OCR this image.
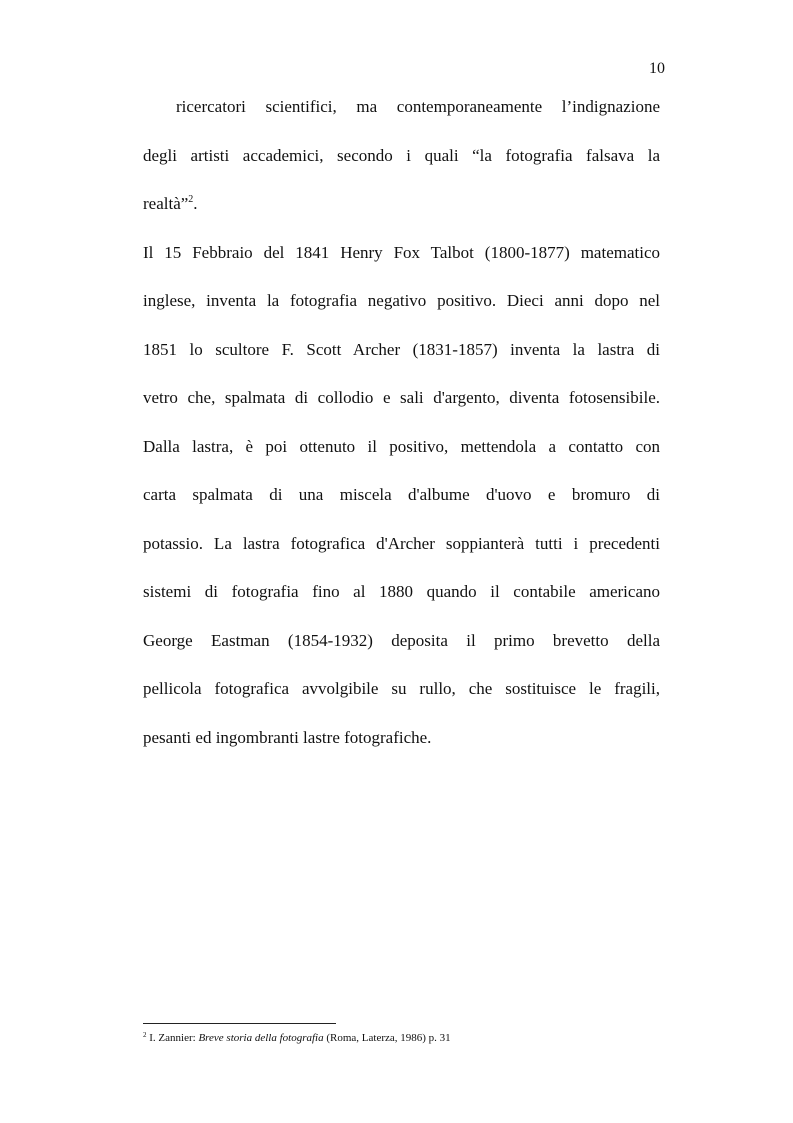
10
ricercatori scientifici, ma contemporaneamente l’indignazione
degli artisti accademici, secondo i quali “la fotografia falsava la
realtà”$^2$.
Il 15 Febbraio del 1841 Henry Fox Talbot (1800-1877) matematico
inglese, inventa la fotografia negativo positivo. Dieci anni dopo nel
1851 lo scultore F. Scott Archer (1831-1857) inventa la lastra di
vetro che, spalmata di collodio e sali d'argento, diventa fotosensibile.
Dalla lastra, è poi ottenuto il positivo, mettendola a contatto con
carta spalmata di una miscela d'albume d'uovo e bromuro di
potassio. La lastra fotografica d'Archer soppianterà tutti i precedenti
sistemi di fotografia fino al 1880 quando il contabile americano
George Eastman (1854-1932) deposita il primo brevetto della
pellicola fotografica avvolgibile su rullo, che sostituisce le fragili,
pesanti ed ingombranti lastre fotografiche.
$^2$ I. Zannier: Breve storia della fotografia (Roma, Laterza, 1986) p. 31
